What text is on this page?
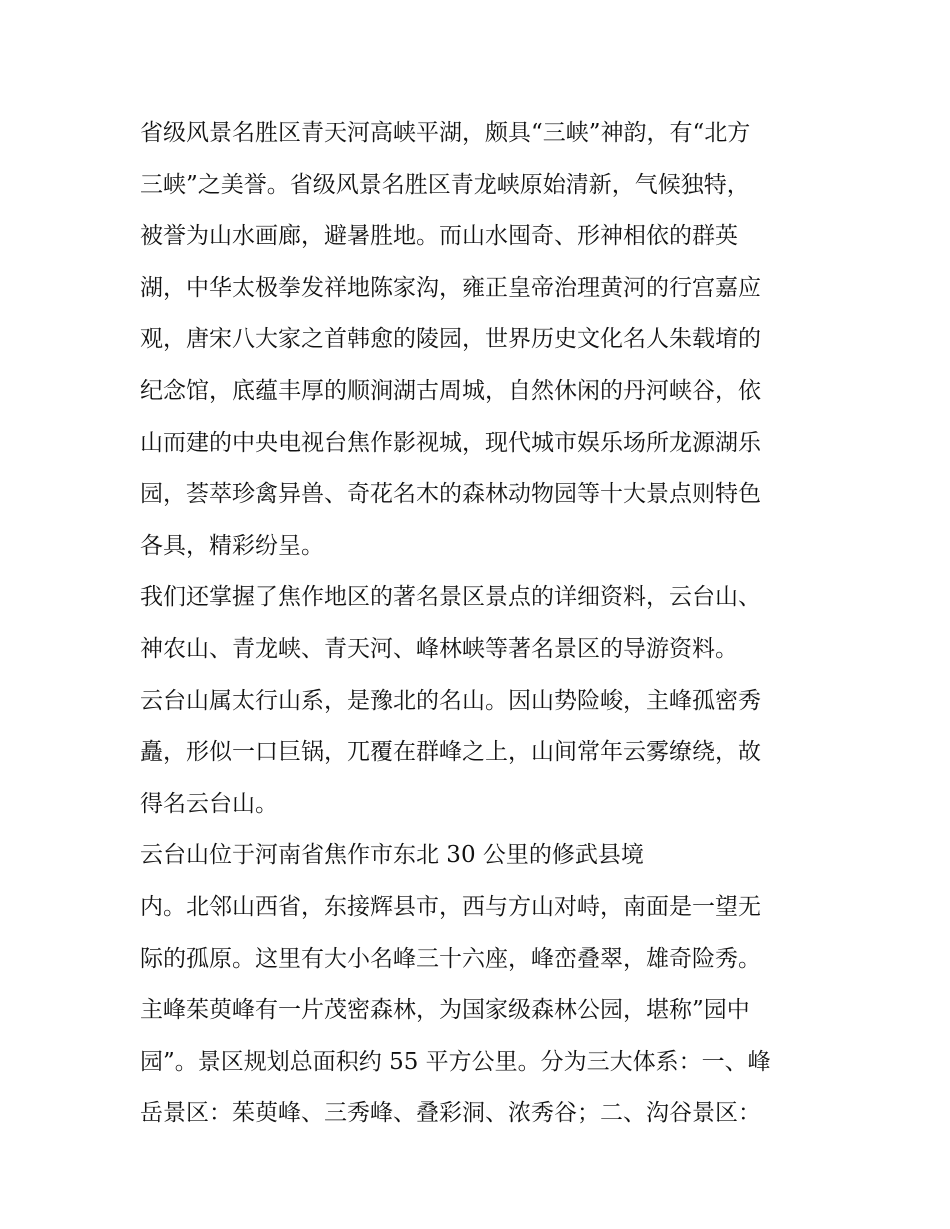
省级风景名胜区青天河高峡平湖，颇具“三峡”神韵，有“北方
三峡”之美誉。省级风景名胜区青龙峡原始清新，气候独特，
被誉为山水画廊，避暑胜地。而山水囤奇、形神相依的群英
湖，中华太极拳发祥地陈家沟，雍正皇帝治理黄河的行宫嘉应
观，唐宋八大家之首韩愈的陵园，世界历史文化名人朱载堉的
纪念馆，底蕴丰厚的顺涧湖古周城，自然休闲的丹河峡谷，依
山而建的中央电视台焦作影视城，现代城市娱乐场所龙源湖乐
园，荟萃珍禽异兽、奇花名木的森林动物园等十大景点则特色
各具，精彩纷呈。
我们还掌握了焦作地区的著名景区景点的详细资料，云台山、
神农山、青龙峡、青天河、峰林峡等著名景区的导游资料。
云台山属太行山系，是豫北的名山。因山势险峻，主峰孤密秀
矗，形似一口巨锅，兀覆在群峰之上，山间常年云雾缭绕，故
得名云台山。
云台山位于河南省焦作市东北 30 公里的修武县境
内。北邻山西省，东接辉县市，西与方山对峙，南面是一望无
际的孤原。这里有大小名峰三十六座，峰峦叠翠，雄奇险秀。
主峰茱萸峰有一片茂密森林，为国家级森林公园，堪称”园中
园”。景区规划总面积约 55 平方公里。分为三大体系：一、峰
岳景区：茱萸峰、三秀峰、叠彩洞、浓秀谷；二、沟谷景区：
